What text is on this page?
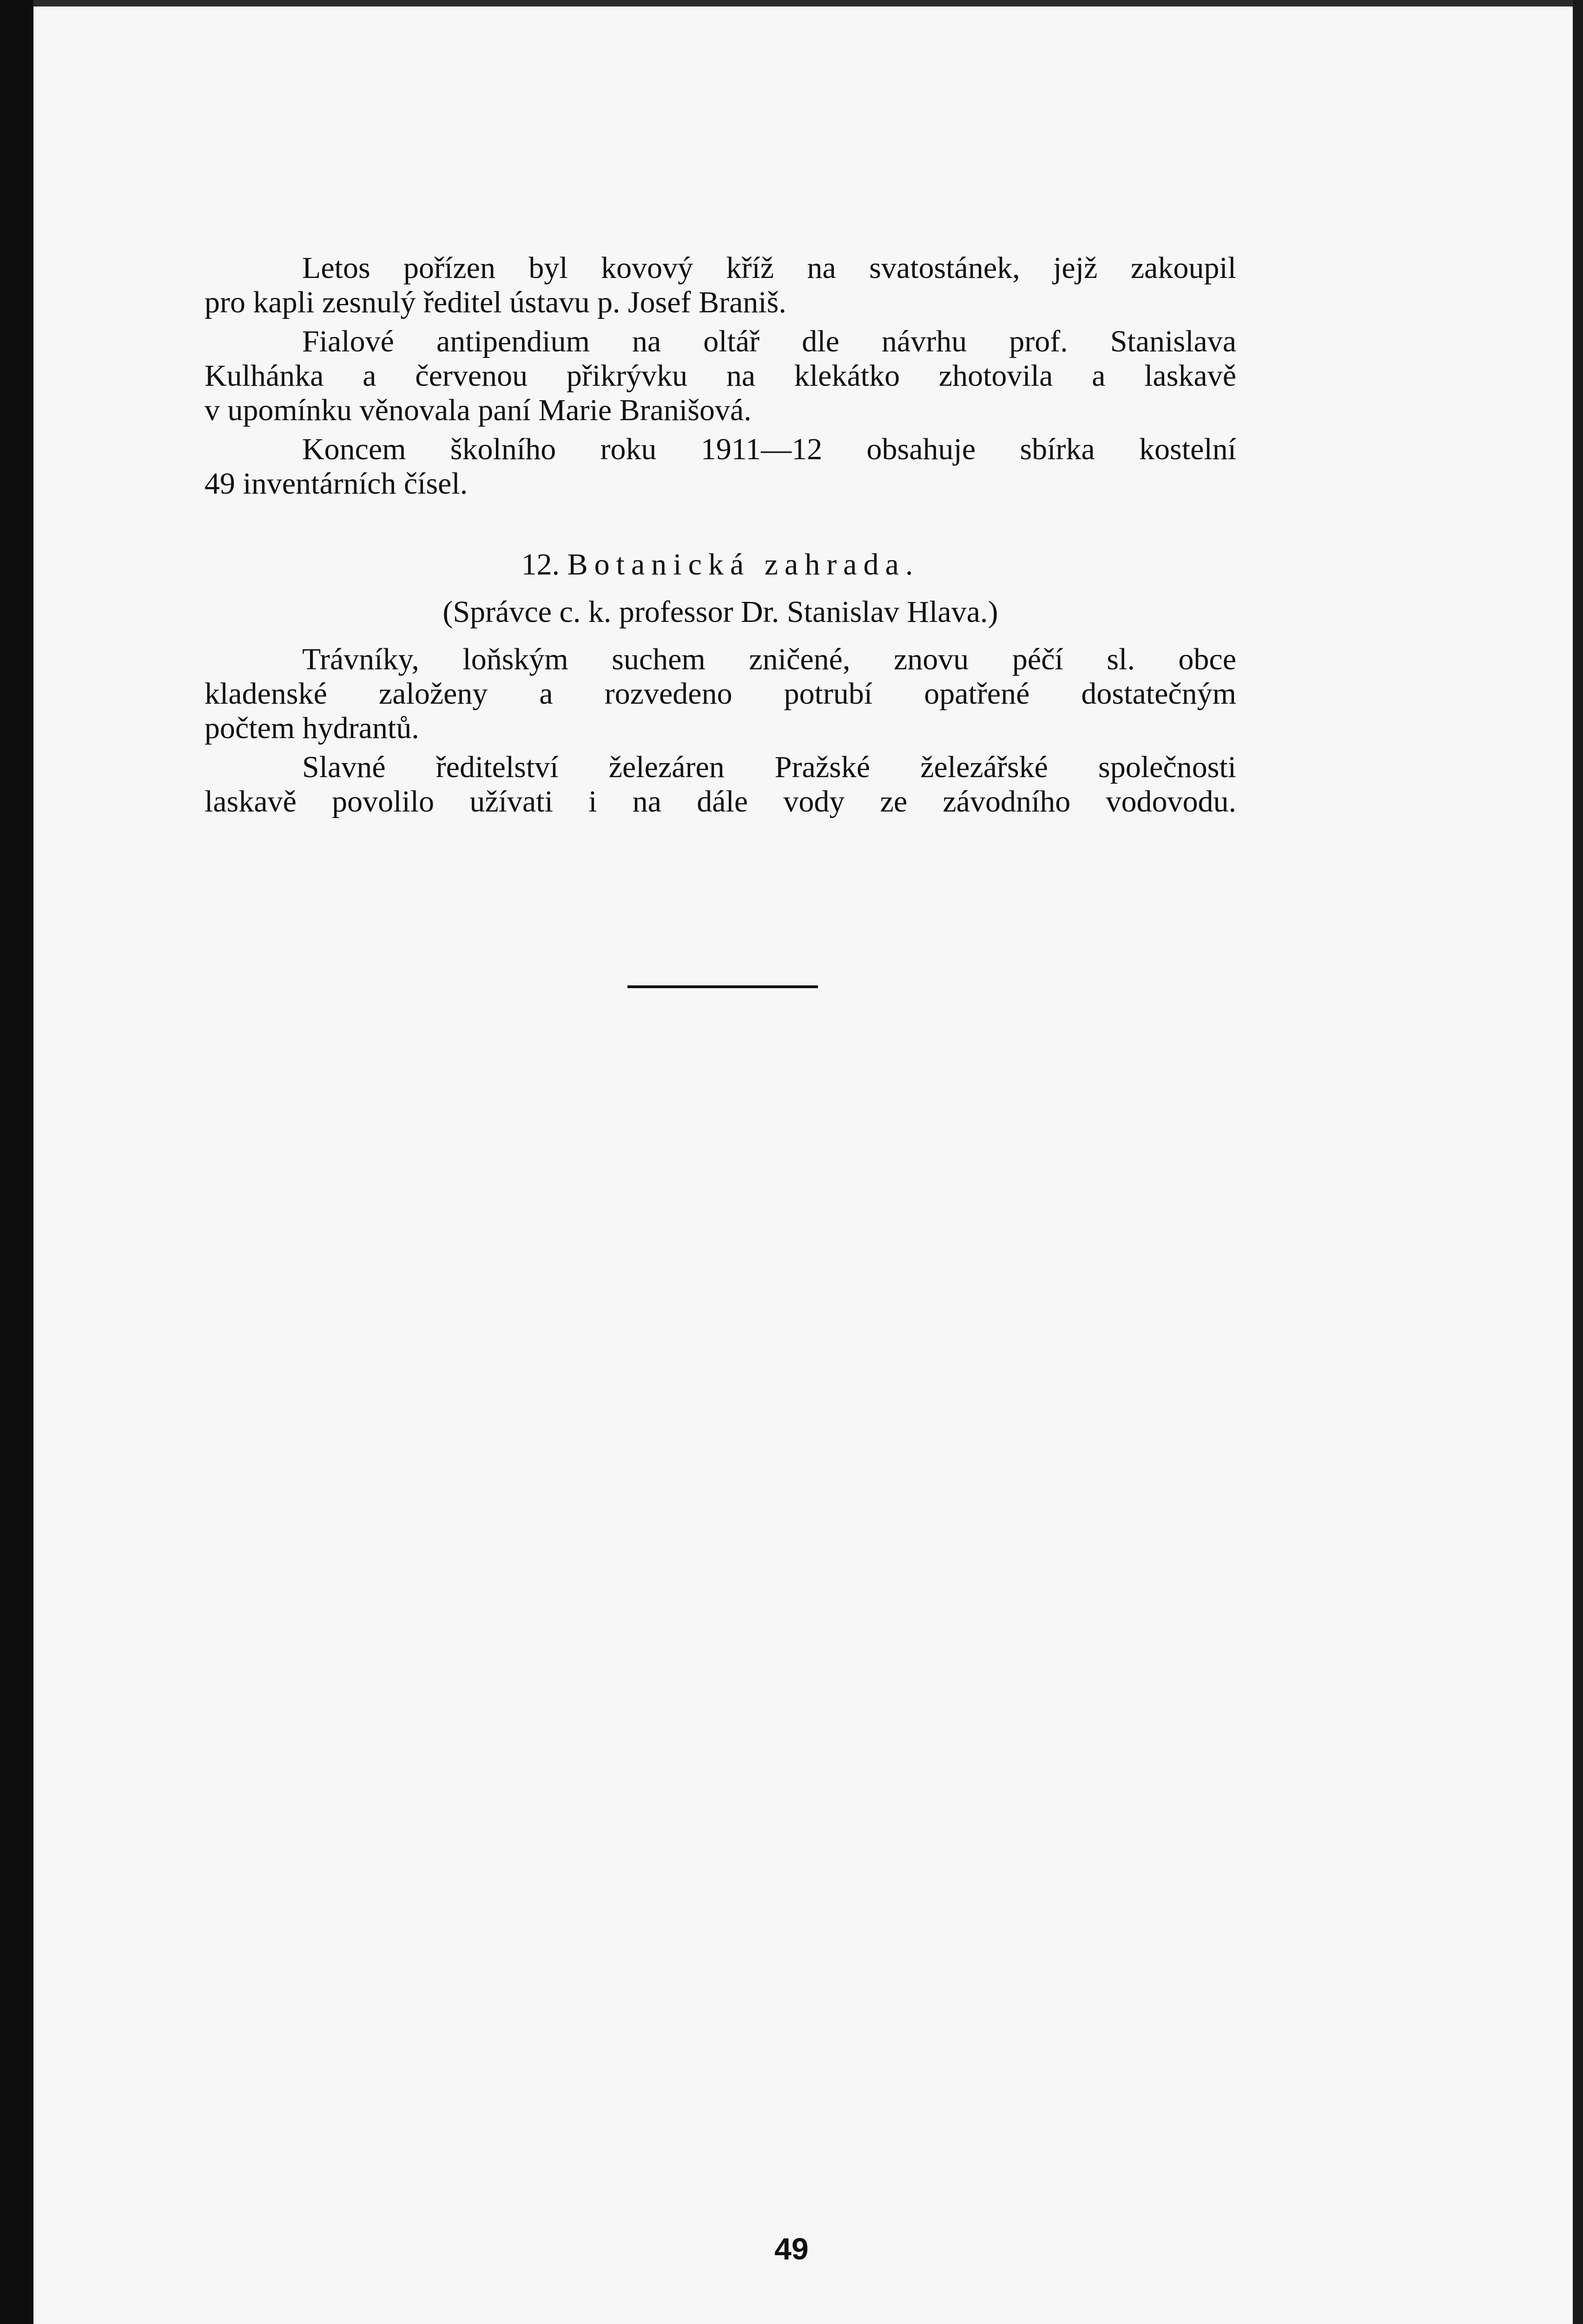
Letos pořízen byl kovový kříž na svatostánek, jejž zakoupil
pro kapli zesnulý ředitel ústavu p. Josef Braniš.

Fialové antipendium na oltář dle návrhu prof. Stanislava
Kulhánka a červenou přikrývku na klekátko zhotovila a laskavě
v upomínku věnovala paní Marie Branišová.

Koncem školního roku 1911—12 obsahuje sbírka kostelní
49 inventárních čísel.

12. Botanická zahrada.
(Správce c. k. professor Dr. Stanislav Hlava.)

Trávníky, loňským suchem zničené, znovu péčí sl. obce
kladenské založeny a rozvedeno potrubí opatřené dostatečným
počtem hydrantů.

Slavné ředitelství železáren Pražské železářské společnosti
laskavě povolilo užívati i na dále vody ze závodního vodovodu.

49
